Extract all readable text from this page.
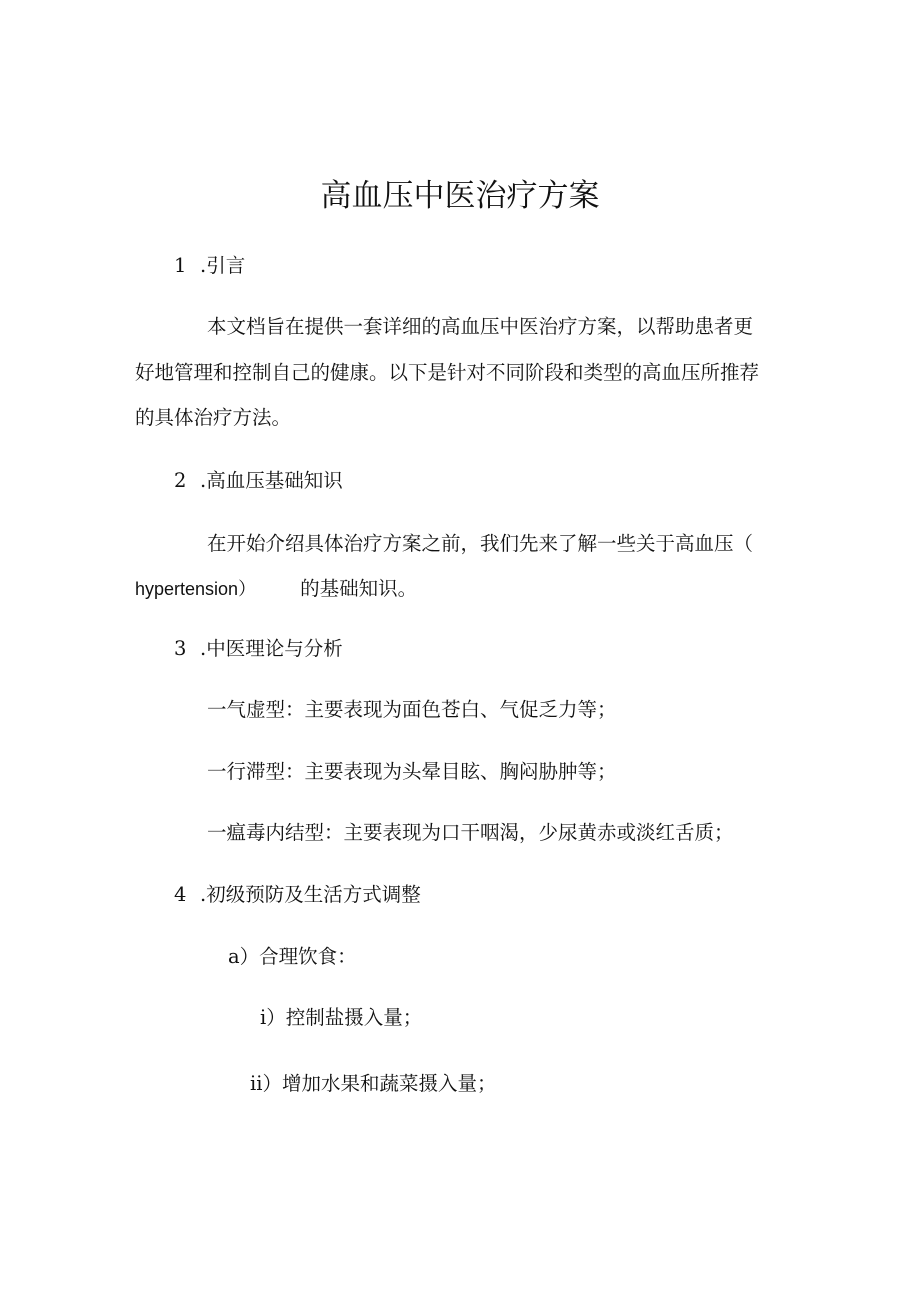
高血压中医治疗方案
1 .引言
本文档旨在提供一套详细的高血压中医治疗方案，以帮助患者更
好地管理和控制自己的健康。以下是针对不同阶段和类型的高血压所推荐
的具体治疗方法。
2 .高血压基础知识
在开始介绍具体治疗方案之前，我们先来了解一些关于高血压（
hypertension） 的基础知识。
3 .中医理论与分析
一气虚型：主要表现为面色苍白、气促乏力等；
一行滞型：主要表现为头晕目眩、胸闷胁肿等；
一瘟毒内结型：主要表现为口干咽渴，少尿黄赤或淡红舌质；
4 .初级预防及生活方式调整
a）合理饮食：
i）控制盐摄入量；
ii）增加水果和蔬菜摄入量；
